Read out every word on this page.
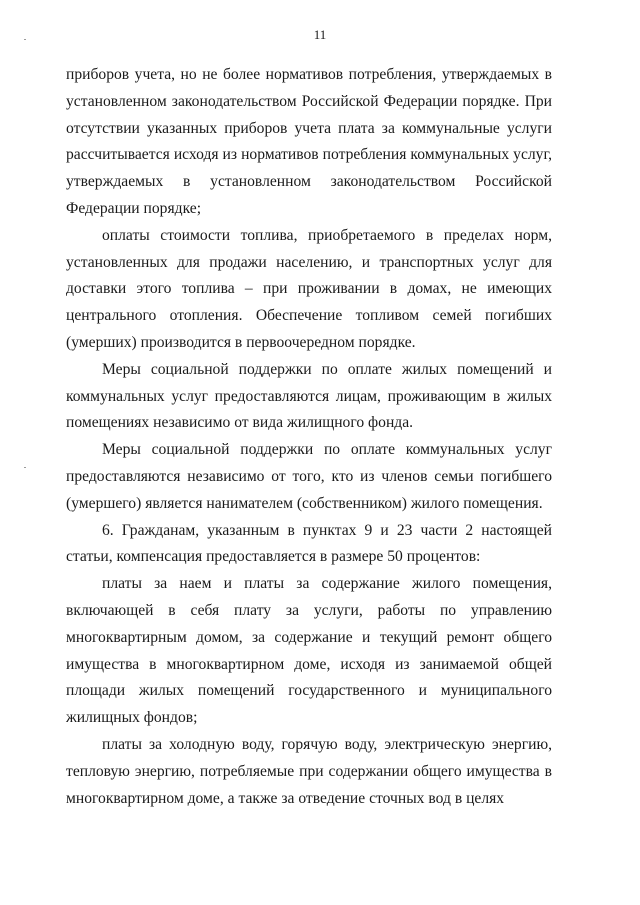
11

приборов учета, но не более нормативов потребления, утверждаемых в установленном законодательством Российской Федерации порядке. При отсутствии указанных приборов учета плата за коммунальные услуги рассчитывается исходя из нормативов потребления коммунальных услуг, утверждаемых в установленном законодательством Российской Федерации порядке;

оплаты стоимости топлива, приобретаемого в пределах норм, установленных для продажи населению, и транспортных услуг для доставки этого топлива – при проживании в домах, не имеющих центрального отопления. Обеспечение топливом семей погибших (умерших) производится в первоочередном порядке.

Меры социальной поддержки по оплате жилых помещений и коммунальных услуг предоставляются лицам, проживающим в жилых помещениях независимо от вида жилищного фонда.

Меры социальной поддержки по оплате коммунальных услуг предоставляются независимо от того, кто из членов семьи погибшего (умершего) является нанимателем (собственником) жилого помещения.

6. Гражданам, указанным в пунктах 9 и 23 части 2 настоящей статьи, компенсация предоставляется в размере 50 процентов:

платы за наем и платы за содержание жилого помещения, включающей в себя плату за услуги, работы по управлению многоквартирным домом, за содержание и текущий ремонт общего имущества в многоквартирном доме, исходя из занимаемой общей площади жилых помещений государственного и муниципального жилищных фондов;

платы за холодную воду, горячую воду, электрическую энергию, тепловую энергию, потребляемые при содержании общего имущества в многоквартирном доме, а также за отведение сточных вод в целях
